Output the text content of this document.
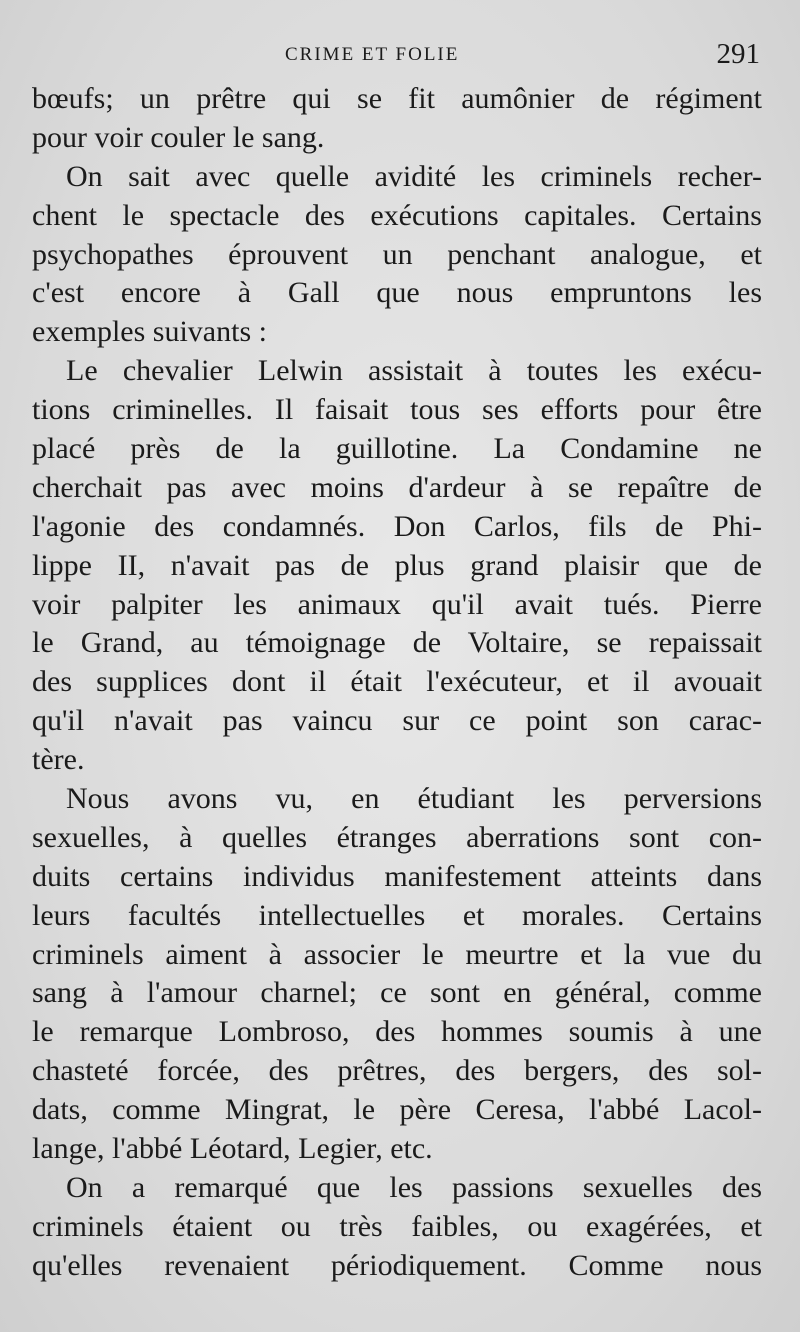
CRIME ET FOLIE	291
bœufs; un prêtre qui se fit aumônier de régiment
pour voir couler le sang.
On sait avec quelle avidité les criminels recher-
chent le spectacle des exécutions capitales. Certains
psychopathes éprouvent un penchant analogue, et
c'est encore à Gall que nous empruntons les
exemples suivants :
Le chevalier Lelwin assistait à toutes les exécu-
tions criminelles. Il faisait tous ses efforts pour être
placé près de la guillotine. La Condamine ne
cherchait pas avec moins d'ardeur à se repaître de
l'agonie des condamnés. Don Carlos, fils de Phi-
lippe II, n'avait pas de plus grand plaisir que de
voir palpiter les animaux qu'il avait tués. Pierre
le Grand, au témoignage de Voltaire, se repaissait
des supplices dont il était l'exécuteur, et il avouait
qu'il n'avait pas vaincu sur ce point son carac-
tère.
Nous avons vu, en étudiant les perversions
sexuelles, à quelles étranges aberrations sont con-
duits certains individus manifestement atteints dans
leurs facultés intellectuelles et morales. Certains
criminels aiment à associer le meurtre et la vue du
sang à l'amour charnel; ce sont en général, comme
le remarque Lombroso, des hommes soumis à une
chasteté forcée, des prêtres, des bergers, des sol-
dats, comme Mingrat, le père Ceresa, l'abbé Lacol-
lange, l'abbé Léotard, Legier, etc.
On a remarqué que les passions sexuelles des
criminels étaient ou très faibles, ou exagérées, et
qu'elles revenaient périodiquement. Comme nous
